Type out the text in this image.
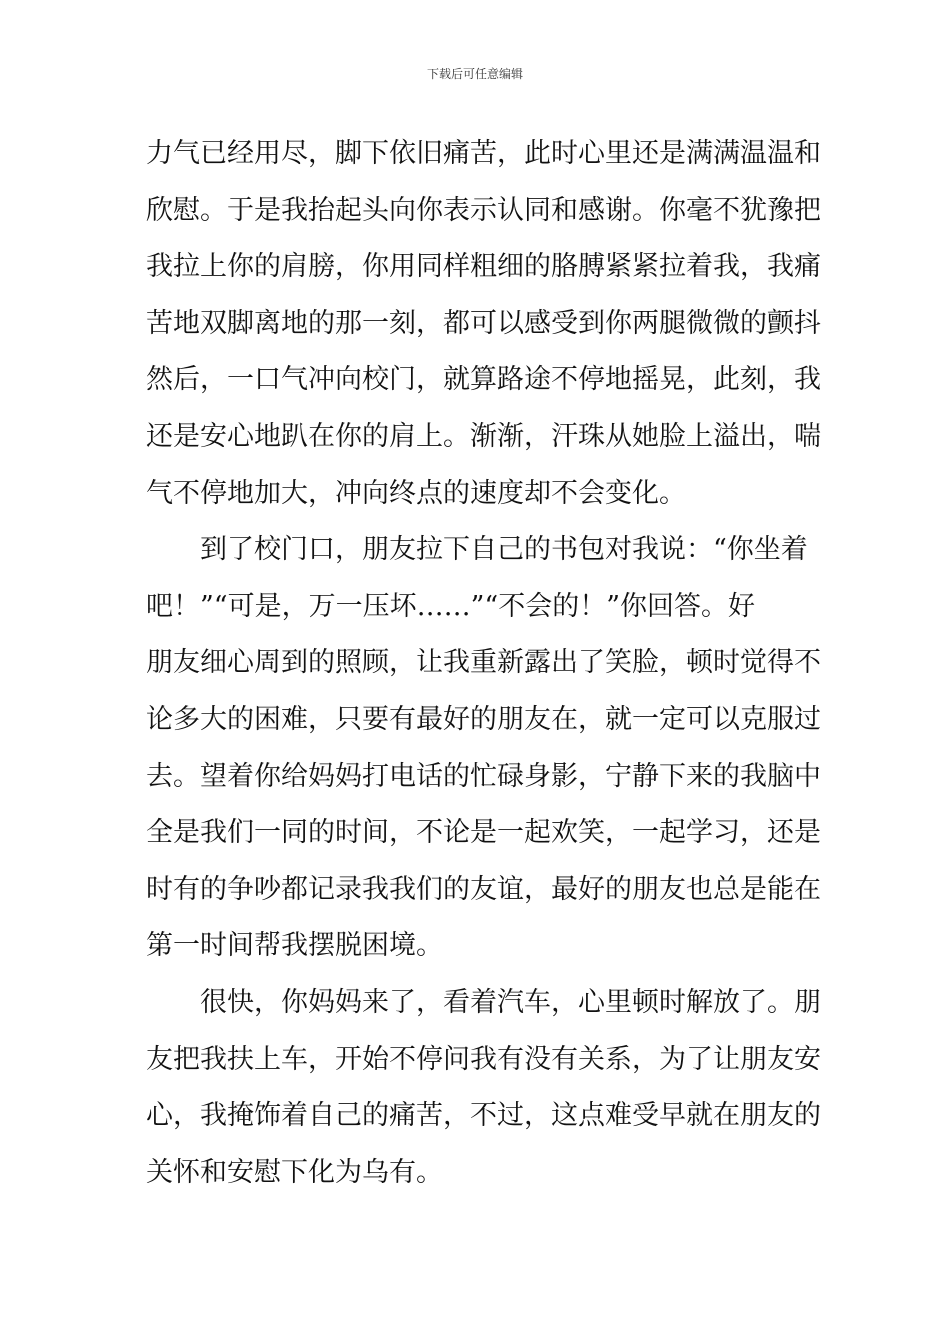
下载后可任意编辑
力气已经用尽，脚下依旧痛苦，此时心里还是满满温温和
欣慰。于是我抬起头向你表示认同和感谢。你毫不犹豫把
我拉上你的肩膀，你用同样粗细的胳膊紧紧拉着我，我痛
苦地双脚离地的那一刻，都可以感受到你两腿微微的颤抖
然后，一口气冲向校门，就算路途不停地摇晃，此刻，我
还是安心地趴在你的肩上。渐渐，汗珠从她脸上溢出，喘
气不停地加大，冲向终点的速度却不会变化。
到了校门口，朋友拉下自己的书包对我说：“你坐着
吧！”“可是，万一压坏……”“不会的！”你回答。好
朋友细心周到的照顾，让我重新露出了笑脸，顿时觉得不
论多大的困难，只要有最好的朋友在，就一定可以克服过
去。望着你给妈妈打电话的忙碌身影，宁静下来的我脑中
全是我们一同的时间，不论是一起欢笑，一起学习，还是
时有的争吵都记录我我们的友谊，最好的朋友也总是能在
第一时间帮我摆脱困境。
很快，你妈妈来了，看着汽车，心里顿时解放了。朋
友把我扶上车，开始不停问我有没有关系，为了让朋友安
心，我掩饰着自己的痛苦，不过，这点难受早就在朋友的
关怀和安慰下化为乌有。
